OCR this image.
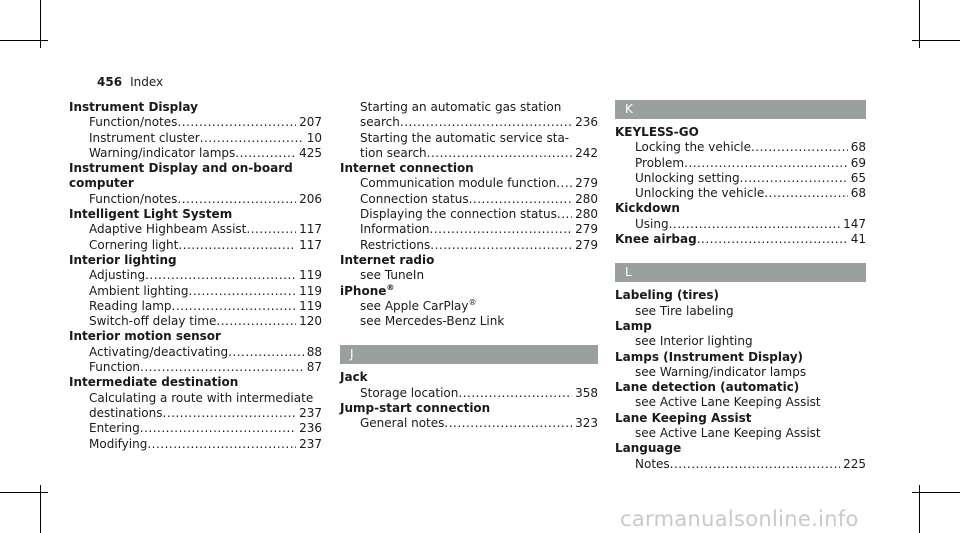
456 Index
Instrument Display
Function/notes .....	207
Instrument cluster .....	10
Warning/indicator lamps .....	425
Instrument Display and on-board
computer
Function/notes .....	206
Intelligent Light System
Adaptive Highbeam Assist .....	117
Cornering light .....	117
Interior lighting
Adjusting .....	119
Ambient lighting .....	119
Reading lamp .....	119
Switch-off delay time .....	120
Interior motion sensor
Activating/deactivating .....	88
Function .....	87
Intermediate destination
Calculating a route with intermediate
destinations .....	237
Entering .....	236
Modifying .....	237
Starting an automatic gas station
search .....	236
Starting the automatic service sta-
tion search .....	242
Internet connection
Communication module function ..... 279
Connection status .....	280
Displaying the connection status ..... 280
Information .....	279
Restrictions .....	279
Internet radio
see TuneIn
iPhone®
see Apple CarPlay®
see Mercedes-Benz Link
J
Jack
Storage location .....	358
Jump-start connection
General notes .....	323
K
KEYLESS-GO
Locking the vehicle .....	68
Problem .....	69
Unlocking setting .....	65
Unlocking the vehicle .....	68
Kickdown
Using .....	147
Knee airbag .....	41
L
Labeling (tires)
see Tire labeling
Lamp
see Interior lighting
Lamps (Instrument Display)
see Warning/indicator lamps
Lane detection (automatic)
see Active Lane Keeping Assist
Lane Keeping Assist
see Active Lane Keeping Assist
Language
Notes .....	225
carmanualsonline.info
